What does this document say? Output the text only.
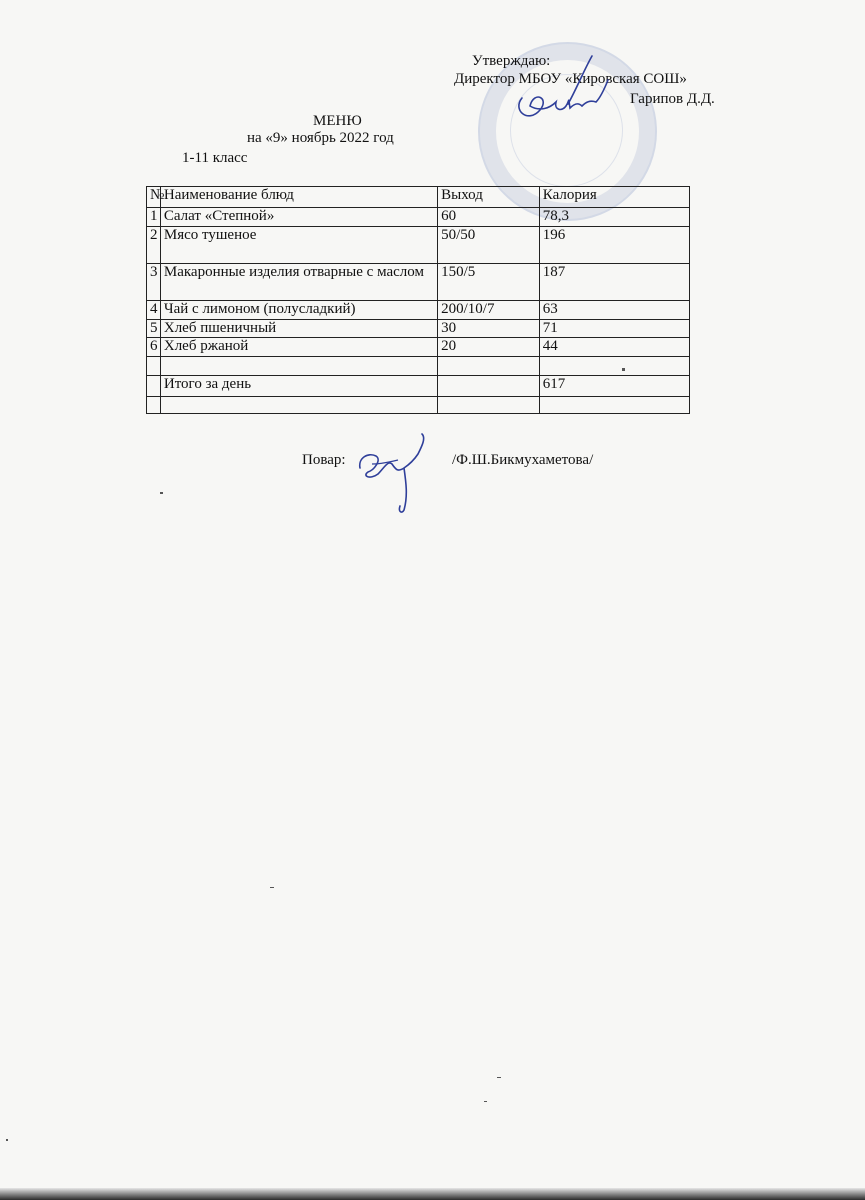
Утверждаю:
Директор МБОУ «Кировская СОШ»
Гарипов Д.Д.
МЕНЮ
на «9» ноябрь 2022 год
1-11 класс
№	Наименование блюд	Выход	Калория
1	Салат «Степной»	60	78,3
2	Мясо тушеное	50/50	196
3	Макаронные изделия отварные с маслом	150/5	187
4	Чай с лимоном (полусладкий)	200/10/7	63
5	Хлеб пшеничный	30	71
6	Хлеб ржаной	20	44

	Итого за день		617

Повар:	/Ф.Ш.Бикмухаметова/
